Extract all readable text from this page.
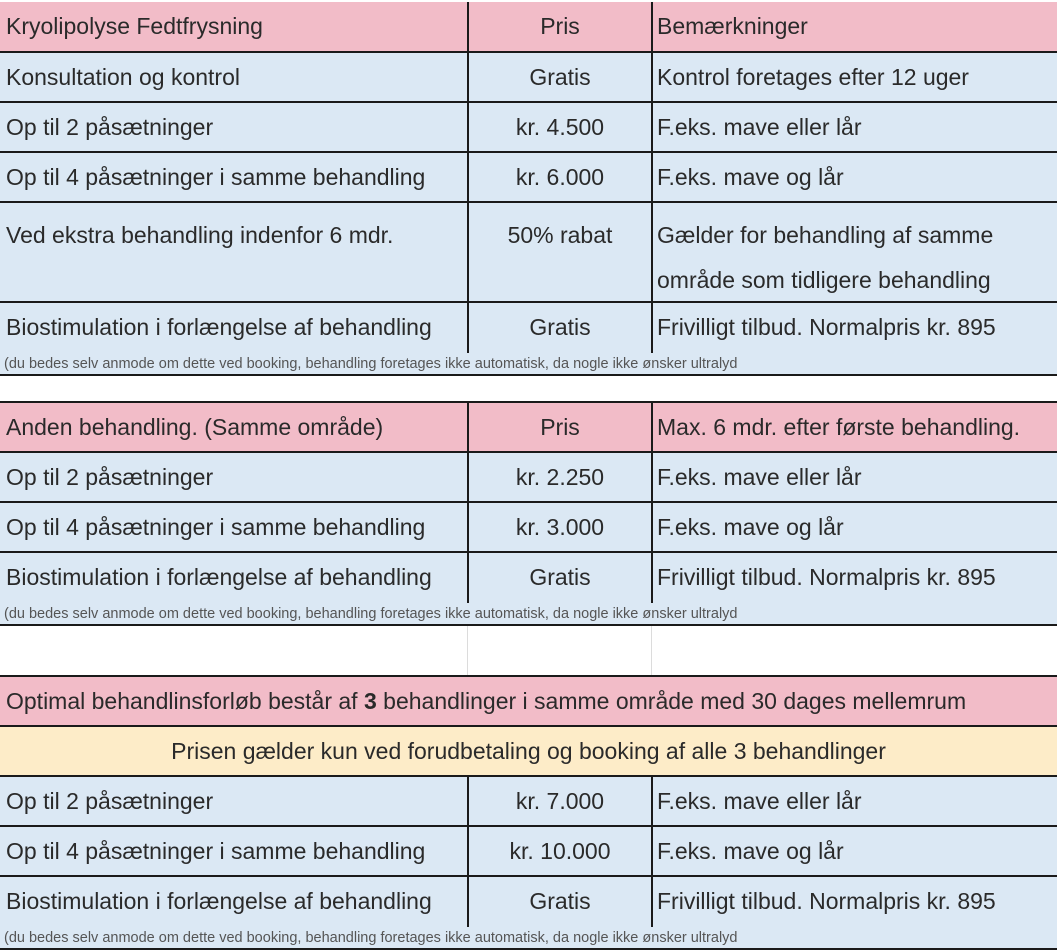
Kryolipolyse Fedtfrysning	Pris	Bemærkninger
Konsultation og kontrol	Gratis	Kontrol foretages efter 12 uger
Op til 2 påsætninger	kr. 4.500	F.eks. mave eller lår
Op til 4 påsætninger i samme behandling	kr. 6.000	F.eks. mave og lår
Ved ekstra behandling indenfor 6 mdr.	50% rabat	Gælder for behandling af samme
område som tidligere behandling
Biostimulation i forlængelse af behandling	Gratis	Frivilligt tilbud. Normalpris kr. 895
(du bedes selv anmode om dette ved booking, behandling foretages ikke automatisk, da nogle ikke ønsker ultralyd
Anden behandling. (Samme område)	Pris	Max. 6 mdr. efter første behandling.
Op til 2 påsætninger	kr. 2.250	F.eks. mave eller lår
Op til 4 påsætninger i samme behandling	kr. 3.000	F.eks. mave og lår
Biostimulation i forlængelse af behandling	Gratis	Frivilligt tilbud. Normalpris kr. 895
(du bedes selv anmode om dette ved booking, behandling foretages ikke automatisk, da nogle ikke ønsker ultralyd
Optimal behandlinsforløb består af 3 behandlinger i samme område med 30 dages mellemrum
Prisen gælder kun ved forudbetaling og booking af alle 3 behandlinger
Op til 2 påsætninger	kr. 7.000	F.eks. mave eller lår
Op til 4 påsætninger i samme behandling	kr. 10.000	F.eks. mave og lår
Biostimulation i forlængelse af behandling	Gratis	Frivilligt tilbud. Normalpris kr. 895
(du bedes selv anmode om dette ved booking, behandling foretages ikke automatisk, da nogle ikke ønsker ultralyd
